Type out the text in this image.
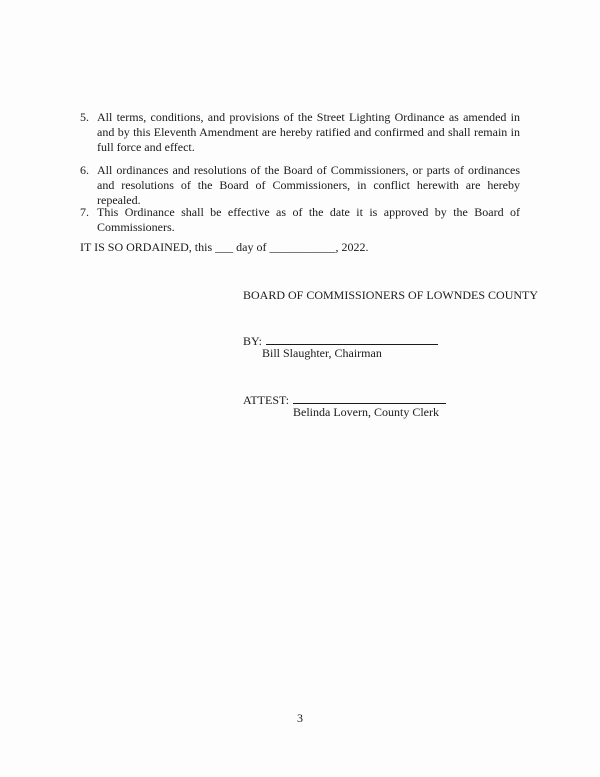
5. All terms, conditions, and provisions of the Street Lighting Ordinance as amended in and by this Eleventh Amendment are hereby ratified and confirmed and shall remain in full force and effect.
6. All ordinances and resolutions of the Board of Commissioners, or parts of ordinances and resolutions of the Board of Commissioners, in conflict herewith are hereby repealed.
7. This Ordinance shall be effective as of the date it is approved by the Board of Commissioners.
IT IS SO ORDAINED, this ___ day of ___________, 2022.
BOARD OF COMMISSIONERS OF LOWNDES COUNTY
BY:
Bill Slaughter, Chairman
ATTEST:
Belinda Lovern, County Clerk
3
